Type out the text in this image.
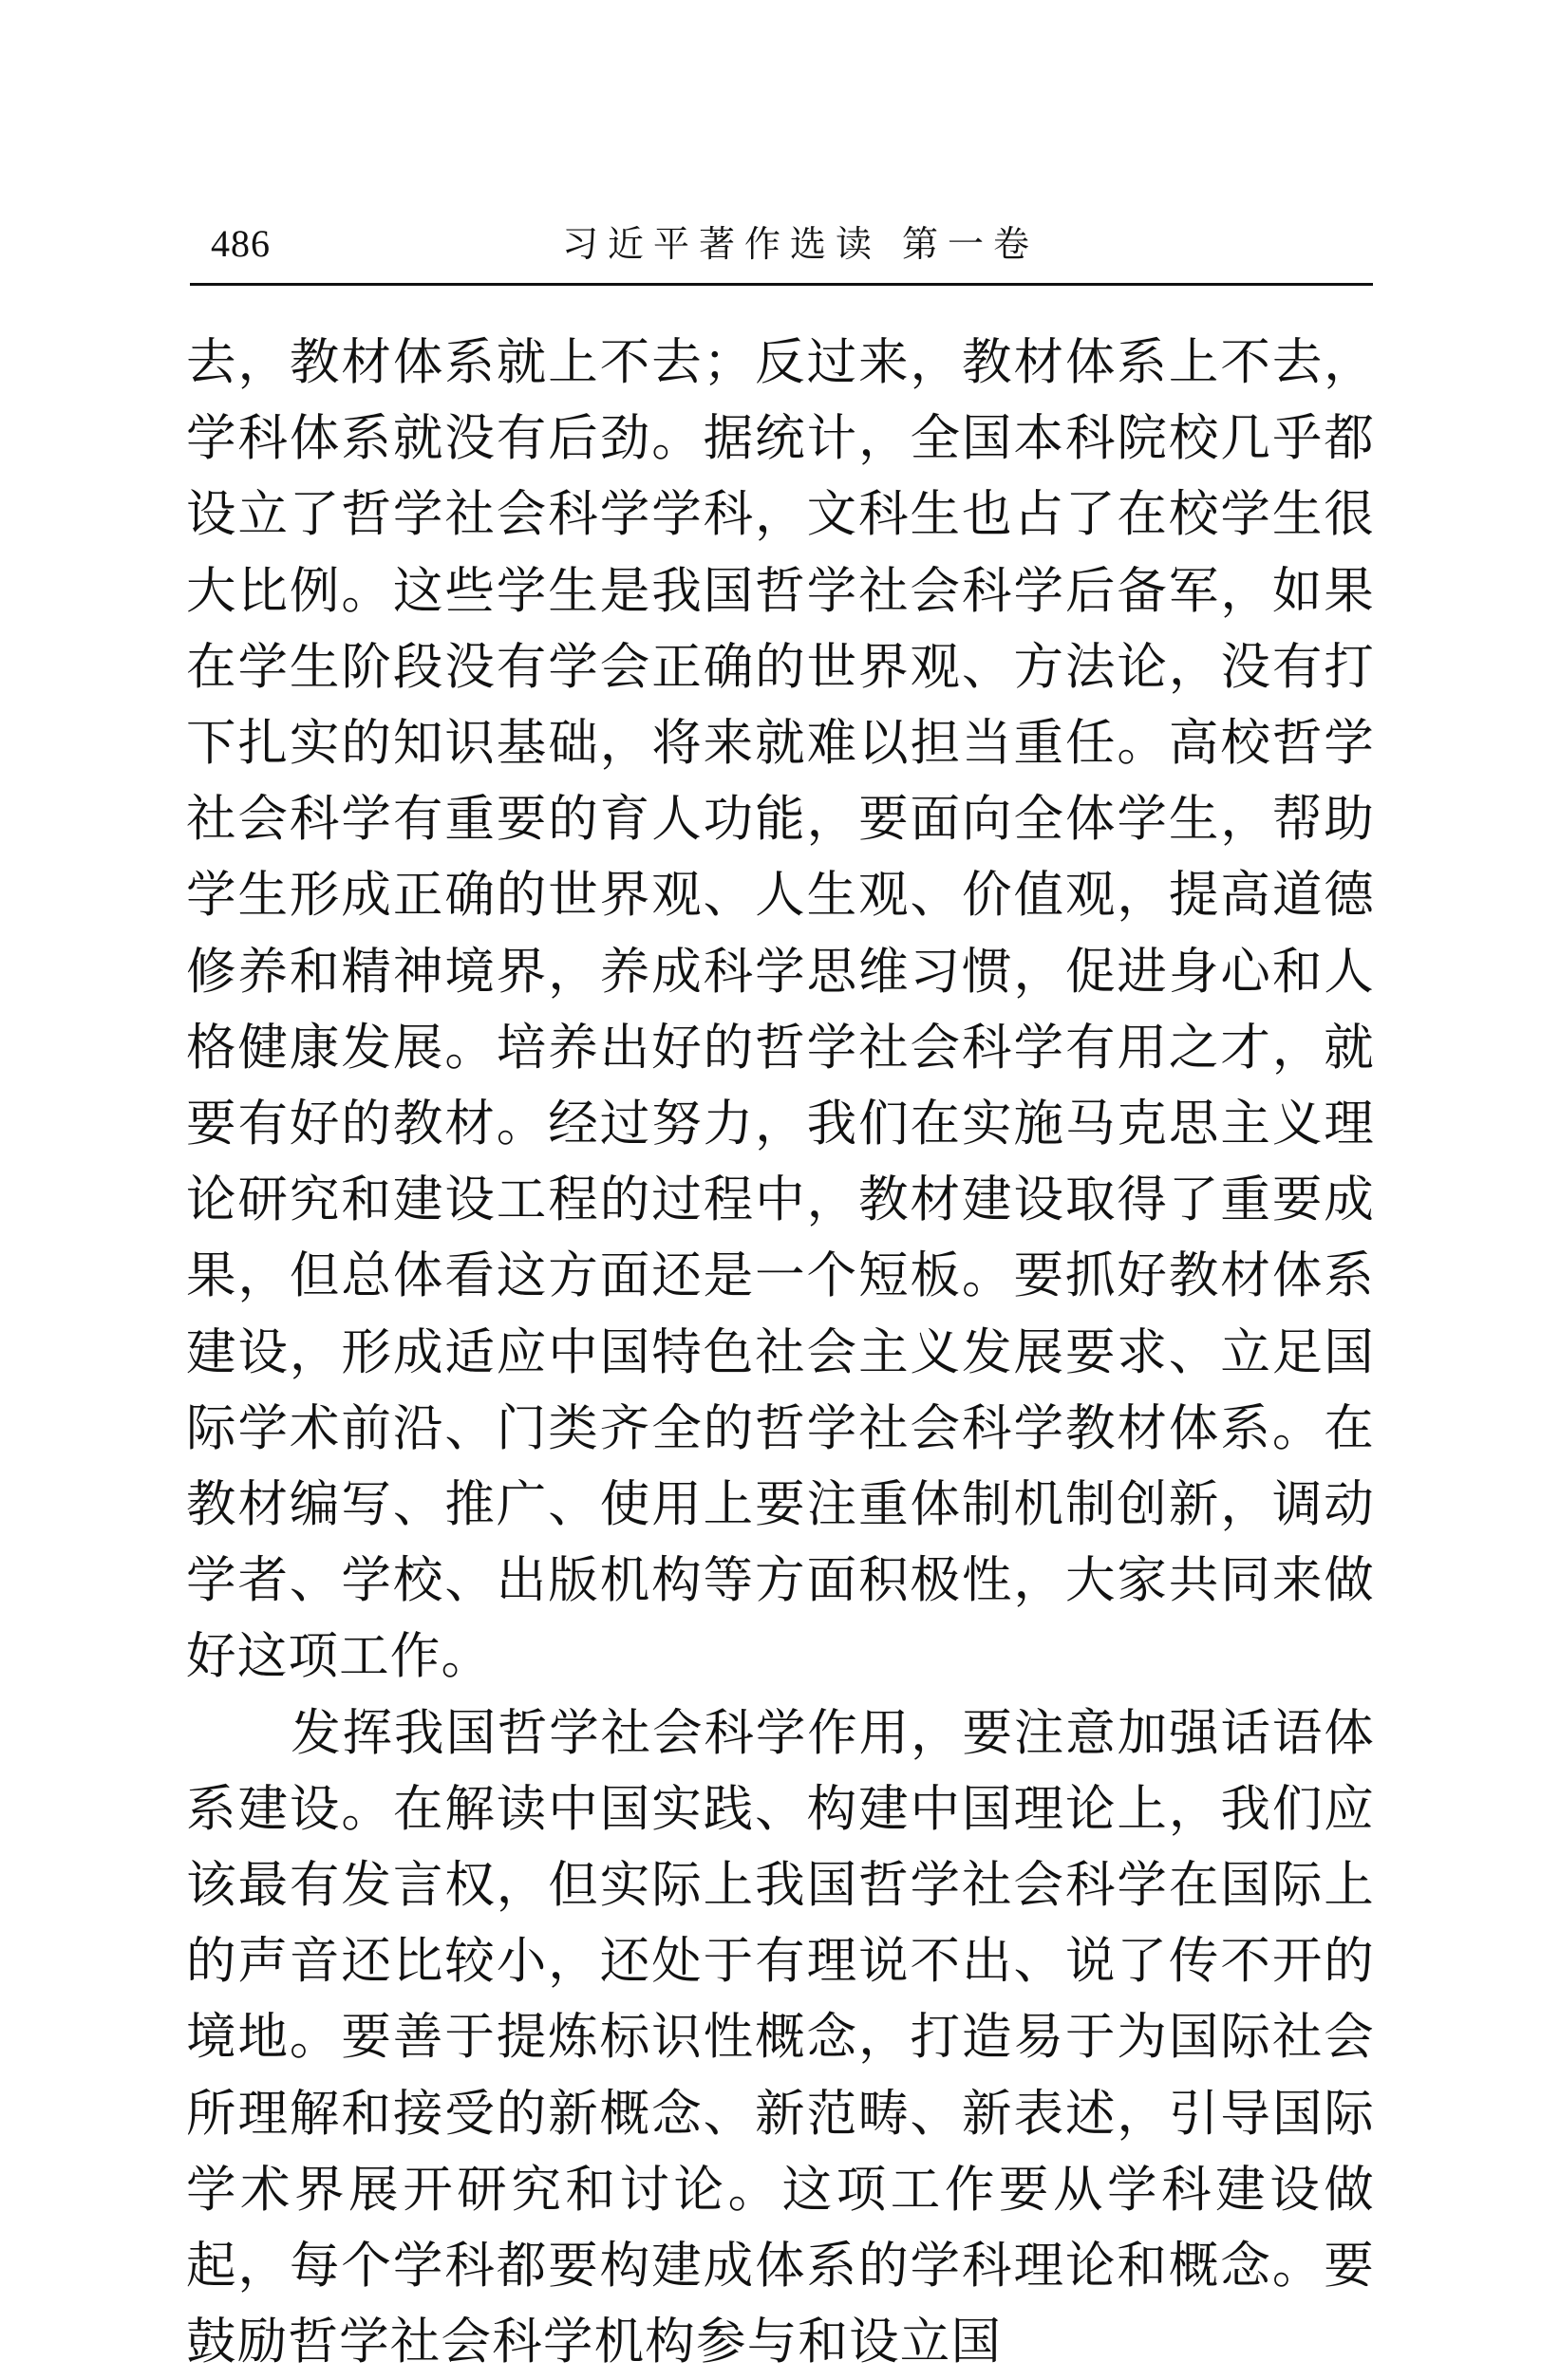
486	习近平著作选读 第一卷

去，教材体系就上不去；反过来，教材体系上不去，学科体系就没有后劲。据统计，全国本科院校几乎都设立了哲学社会科学学科，文科生也占了在校学生很大比例。这些学生是我国哲学社会科学后备军，如果在学生阶段没有学会正确的世界观、方法论，没有打下扎实的知识基础，将来就难以担当重任。高校哲学社会科学有重要的育人功能，要面向全体学生，帮助学生形成正确的世界观、人生观、价值观，提高道德修养和精神境界，养成科学思维习惯，促进身心和人格健康发展。培养出好的哲学社会科学有用之才，就要有好的教材。经过努力，我们在实施马克思主义理论研究和建设工程的过程中，教材建设取得了重要成果，但总体看这方面还是一个短板。要抓好教材体系建设，形成适应中国特色社会主义发展要求、立足国际学术前沿、门类齐全的哲学社会科学教材体系。在教材编写、推广、使用上要注重体制机制创新，调动学者、学校、出版机构等方面积极性，大家共同来做好这项工作。

发挥我国哲学社会科学作用，要注意加强话语体系建设。在解读中国实践、构建中国理论上，我们应该最有发言权，但实际上我国哲学社会科学在国际上的声音还比较小，还处于有理说不出、说了传不开的境地。要善于提炼标识性概念，打造易于为国际社会所理解和接受的新概念、新范畴、新表述，引导国际学术界展开研究和讨论。这项工作要从学科建设做起，每个学科都要构建成体系的学科理论和概念。要鼓励哲学社会科学机构参与和设立国
